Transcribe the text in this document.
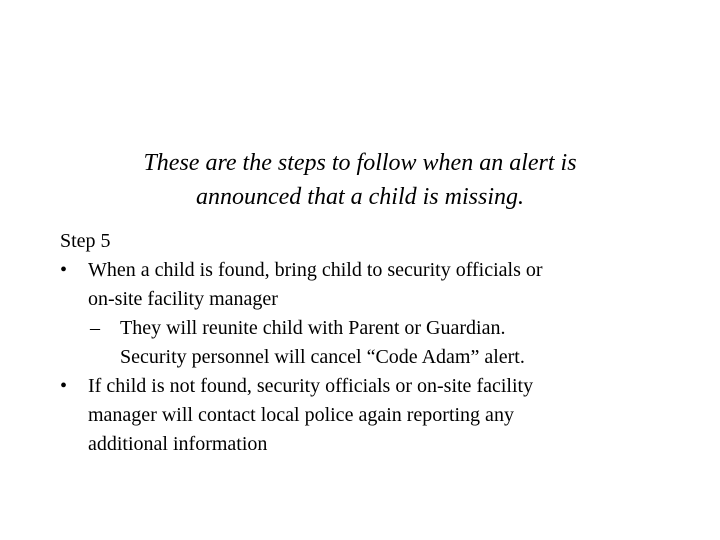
These are the steps to follow when an alert is
announced that a child is missing.
Step 5
•	When a child is found, bring child to security officials or
on-site facility manager
–	They will reunite child with Parent or Guardian.
Security personnel will cancel “Code Adam” alert.
•	If child is not found, security officials or on-site facility
manager will contact local police again reporting any
additional information
